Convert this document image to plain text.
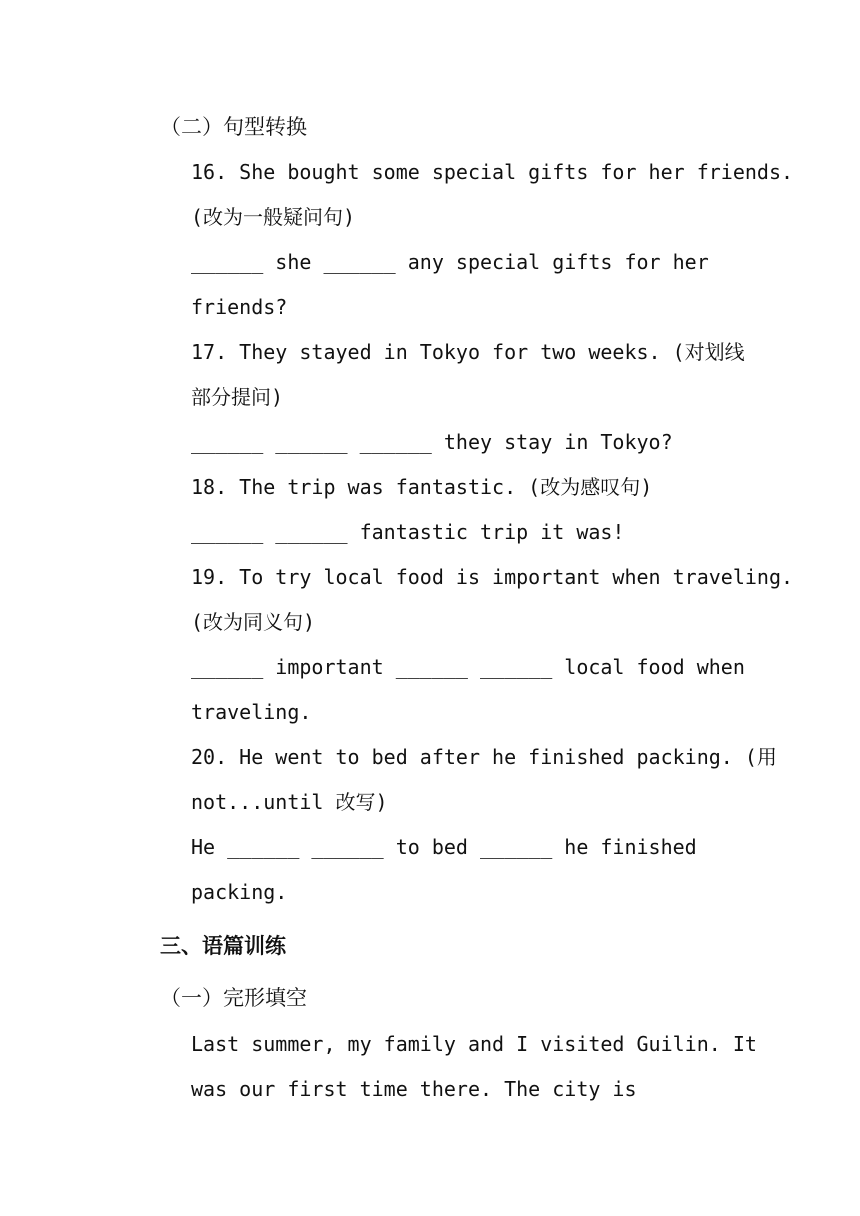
（二）句型转换
16. She bought some special gifts for her friends.
(改为一般疑问句)
______ she ______ any special gifts for her
friends?
17. They stayed in Tokyo for two weeks. (对划线
部分提问)
______ ______ ______ they stay in Tokyo?
18. The trip was fantastic. (改为感叹句)
______ ______ fantastic trip it was!
19. To try local food is important when traveling.
(改为同义句)
______ important ______ ______ local food when
traveling.
20. He went to bed after he finished packing. (用
not...until 改写)
He ______ ______ to bed ______ he finished
packing.
三、语篇训练
（一）完形填空
Last summer, my family and I visited Guilin. It
was our first time there. The city is
